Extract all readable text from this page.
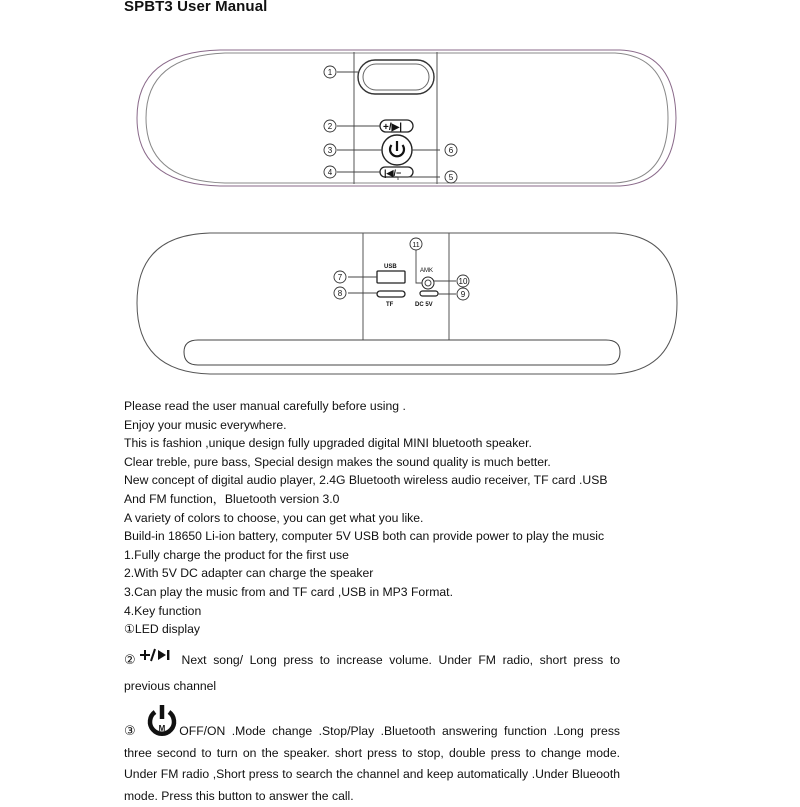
SPBT3 User Manual
+/▶|
|◀/−
1
2
3
4
5
6
7
8	9
10
11
USB
TF
AMK
DC 5V
Please read the user manual carefully before using .
Enjoy your music everywhere.
This is fashion ,unique design fully upgraded digital MINI bluetooth speaker.
Clear treble, pure bass, Special design makes the sound quality is much better.
New concept of digital audio player, 2.4G Bluetooth wireless audio receiver, TF card .USB
And FM function，Bluetooth version 3.0
A variety of colors to choose, you can get what you like.
Build-in 18650 Li-ion battery, computer 5V USB both can provide power to play the music
1.Fully charge the product for the first use
2.With 5V DC adapter can charge the speaker
3.Can play the music from and TF card ,USB in MP3 Format.
4.Key function
①LED display
②	Next song/ Long press to increase volume. Under FM radio, short press to previous channel
③	M OFF/ON .Mode change .Stop/Play .Bluetooth answering function .Long press three second to turn on the speaker. short press to stop, double press to change mode. Under FM radio ,Short press to search the channel and keep automatically .Under Blueooth mode. Press this button to answer the call.
